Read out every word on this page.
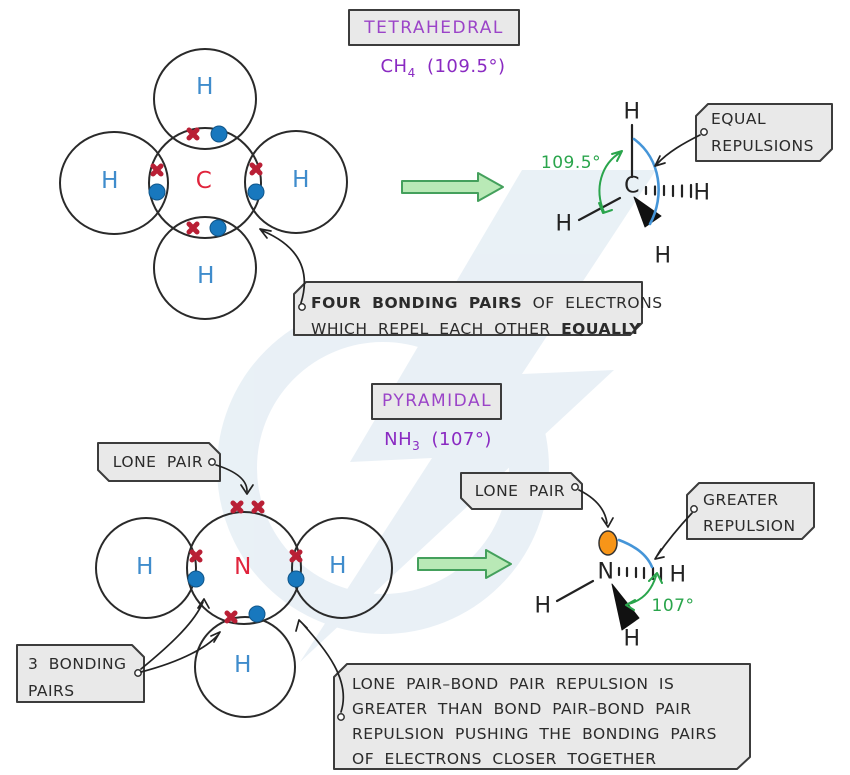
TETRAHEDRAL
$CH_4$ (109.5°)
H
H	H
H
C
109.5°
H
H
H
H
C
EQUAL
REPULSIONS
FOUR BONDING PAIRS OF ELECTRONS
WHICH REPEL EACH OTHER EQUALLY
PYRAMIDAL
$NH_3$ (107°)
H	H
H
N
LONE PAIR
LONE PAIR
3 BONDING
PAIRS
GREATER
REPULSION
N
H
H
H
107°
LONE PAIR–BOND PAIR REPULSION IS
GREATER THAN BOND PAIR–BOND PAIR
REPULSION PUSHING THE BONDING PAIRS
OF ELECTRONS CLOSER TOGETHER
